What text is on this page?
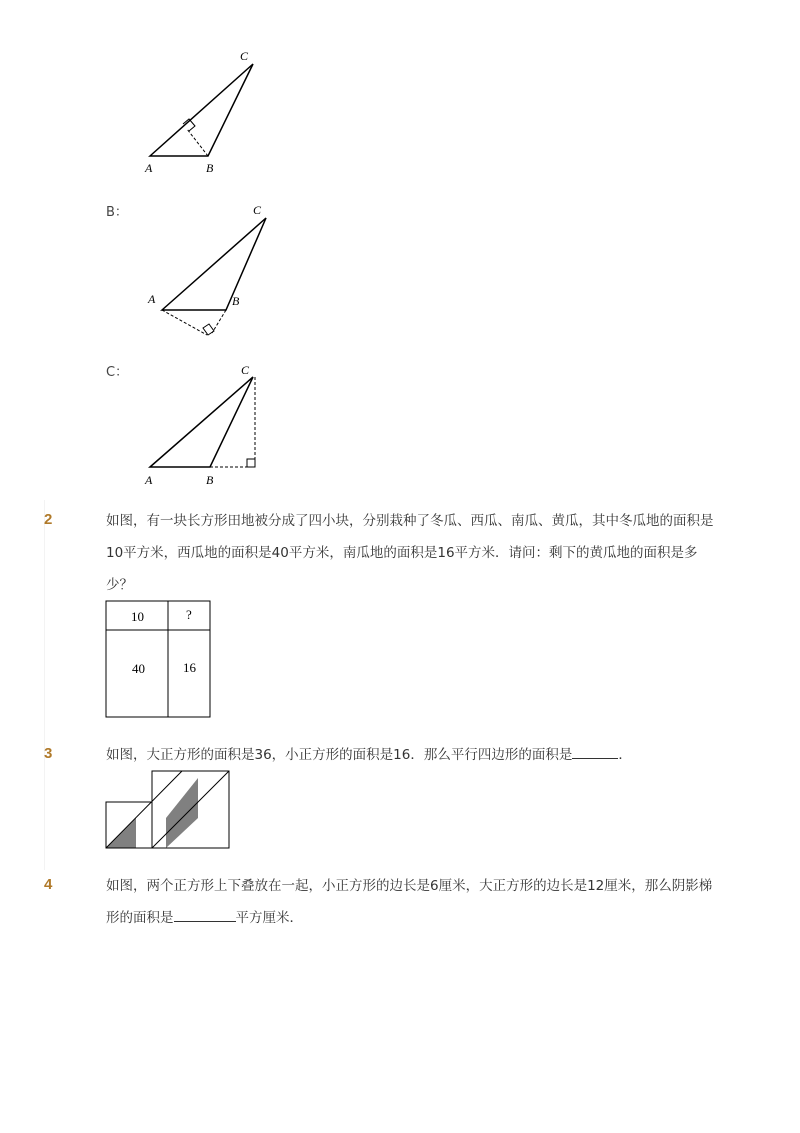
C
A	B
B：	C
A	B
C：	C
A	B
2	如图，有一块长方形田地被分成了四小块，分别栽种了冬瓜、西瓜、南瓜、黄瓜，其中冬瓜地的面积是10平方米，西瓜地的面积是40平方米，南瓜地的面积是16平方米．请问：剩下的黄瓜地的面积是多少？
10	?
40	16
3	如图，大正方形的面积是36，小正方形的面积是16．那么平行四边形的面积是	．
4	如图，两个正方形上下叠放在一起，小正方形的边长是6厘米，大正方形的边长是12厘米，那么阴影梯形的面积是	平方厘米．
